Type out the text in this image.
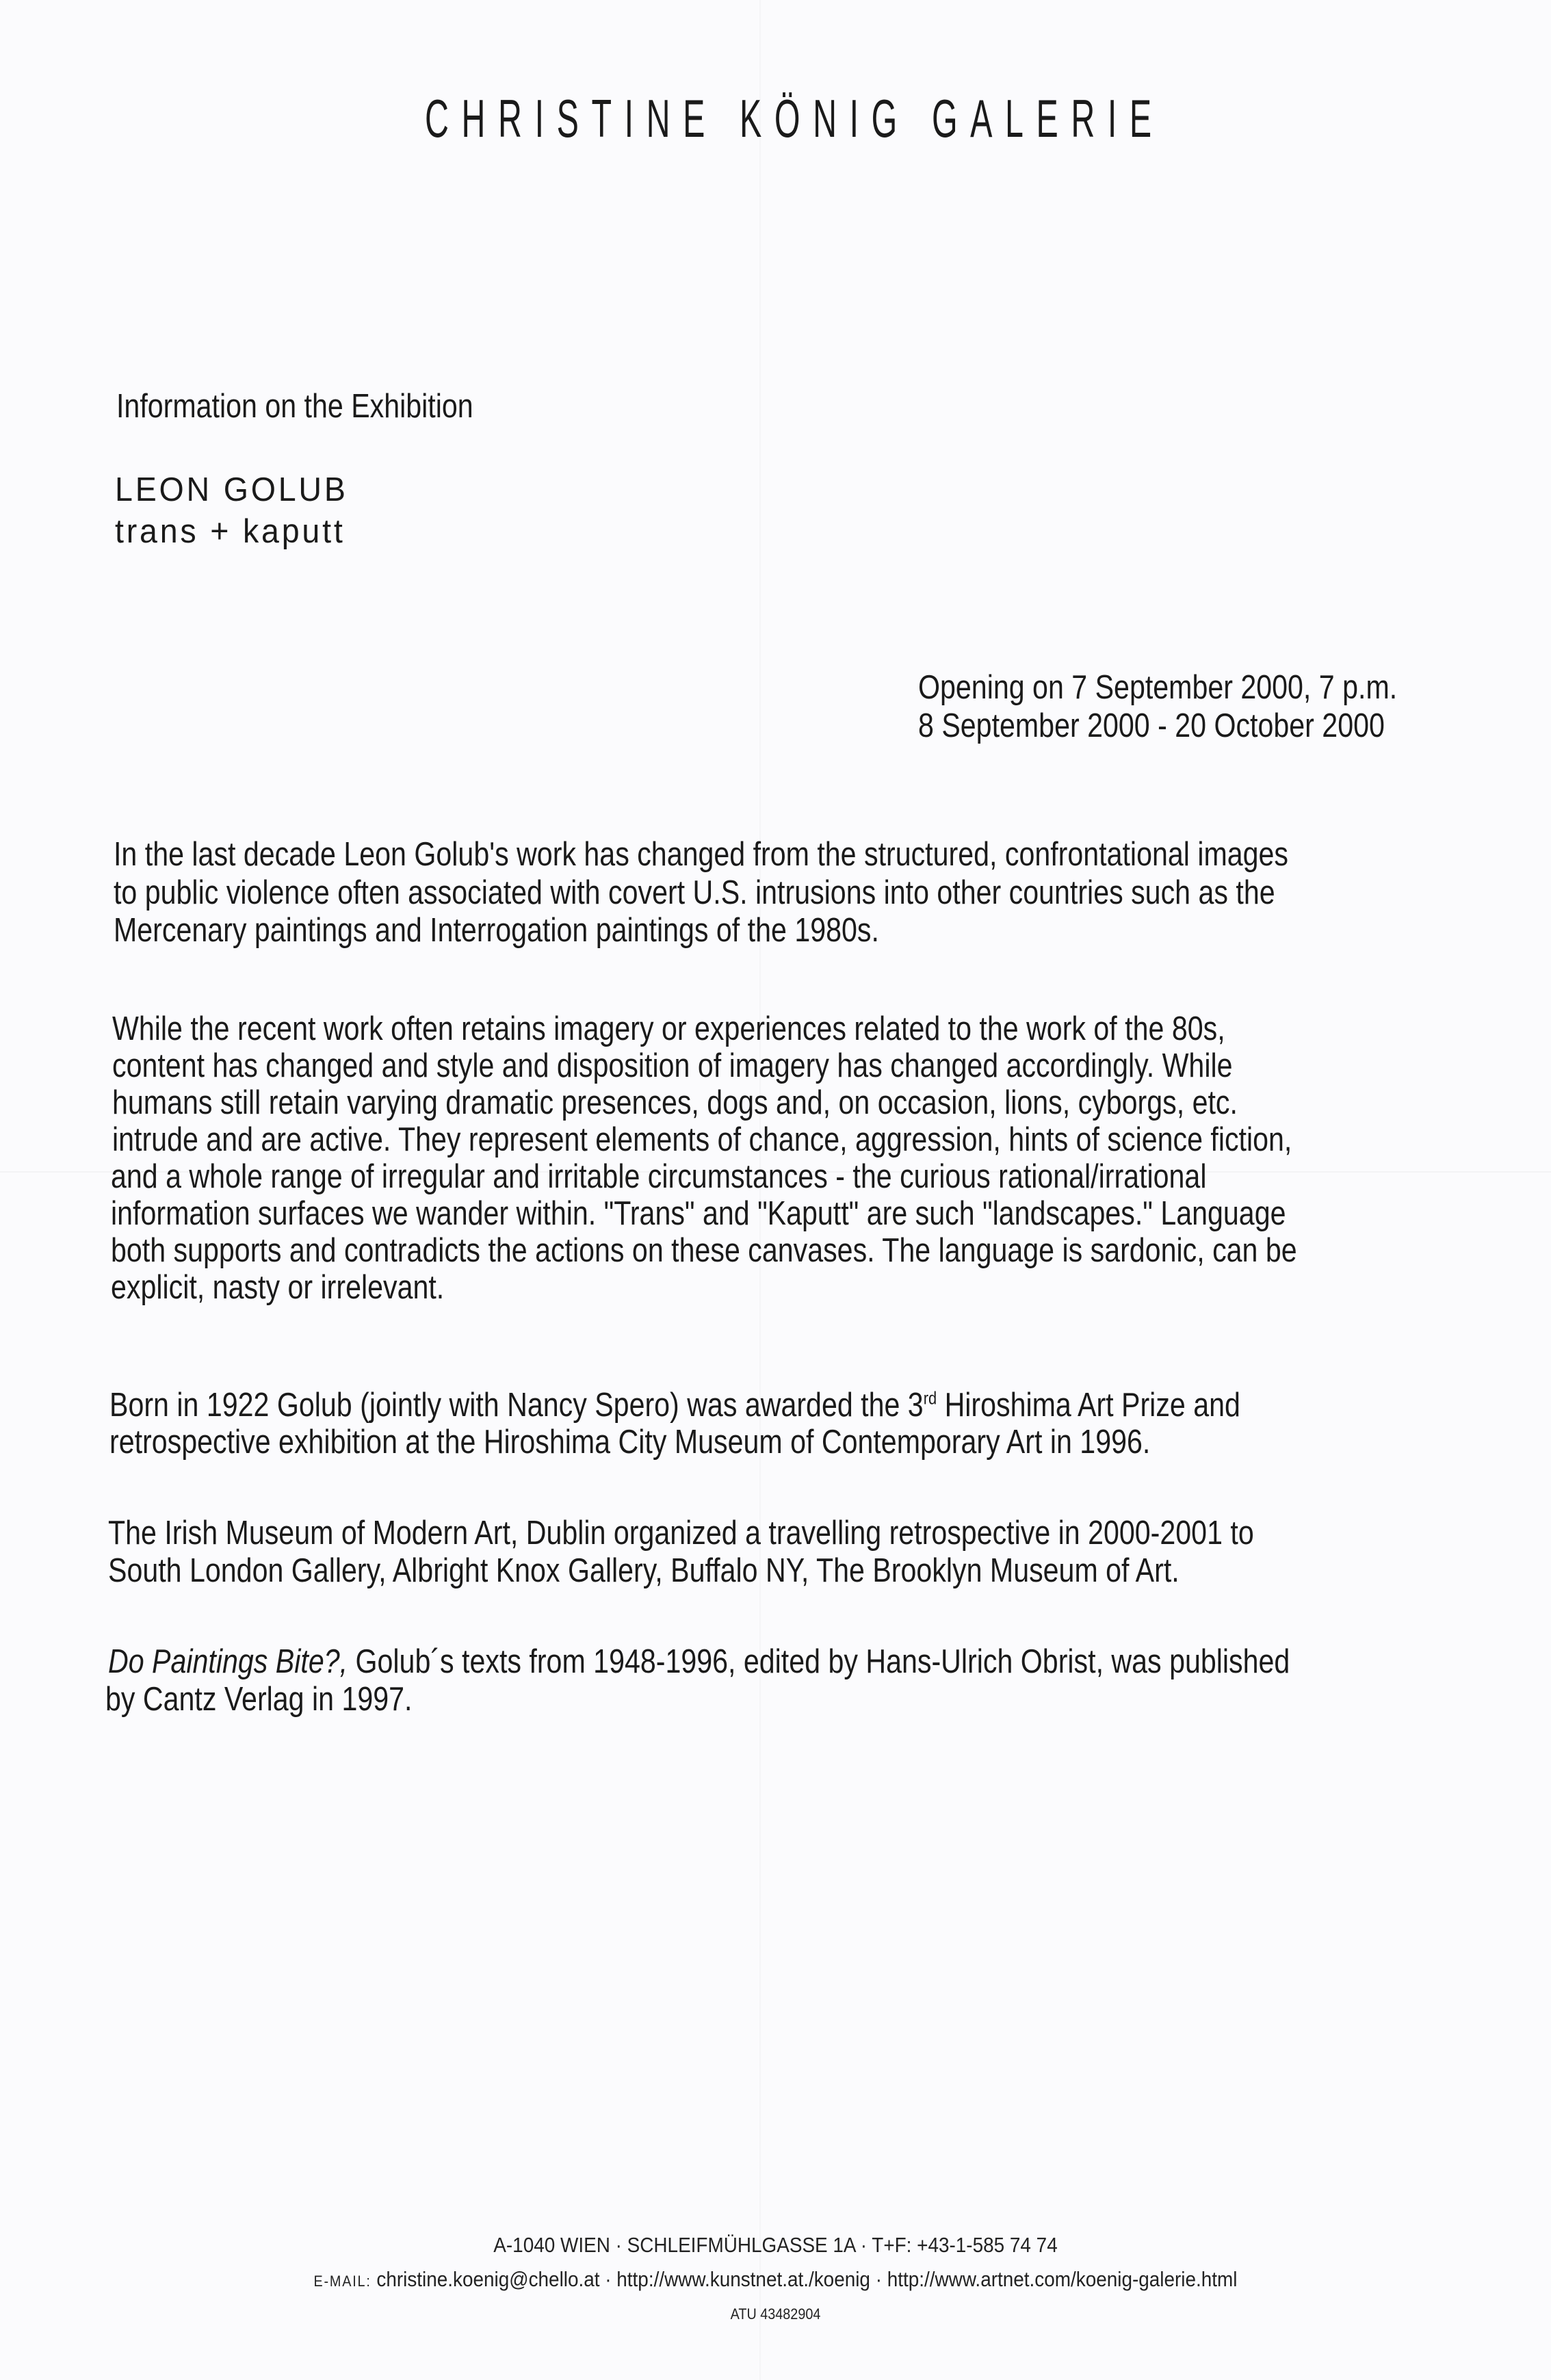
CHRISTINE KÖNIG GALERIE
Information on the Exhibition
LEON GOLUB
trans + kaputt
Opening on 7 September 2000, 7 p.m.
8 September 2000 - 20 October 2000
In the last decade Leon Golub's work has changed from the structured, confrontational images
to public violence often associated with covert U.S. intrusions into other countries such as the
Mercenary paintings and Interrogation paintings of the 1980s.
While the recent work often retains imagery or experiences related to the work of the 80s,
content has changed and style and disposition of imagery has changed accordingly. While
humans still retain varying dramatic presences, dogs and, on occasion, lions, cyborgs, etc.
intrude and are active. They represent elements of chance, aggression, hints of science fiction,
and a whole range of irregular and irritable circumstances - the curious rational/irrational
information surfaces we wander within. "Trans" and "Kaputt" are such "landscapes." Language
both supports and contradicts the actions on these canvases. The language is sardonic, can be
explicit, nasty or irrelevant.
Born in 1922 Golub (jointly with Nancy Spero) was awarded the 3rd Hiroshima Art Prize and
retrospective exhibition at the Hiroshima City Museum of Contemporary Art in 1996.
The Irish Museum of Modern Art, Dublin organized a travelling retrospective in 2000-2001 to
South London Gallery, Albright Knox Gallery, Buffalo NY, The Brooklyn Museum of Art.
Do Paintings Bite?, Golub´s texts from 1948-1996, edited by Hans-Ulrich Obrist, was published
by Cantz Verlag in 1997.
A-1040 WIEN · SCHLEIFMÜHLGASSE 1A · T+F: +43-1-585 74 74
E-MAIL: christine.koenig@chello.at · http://www.kunstnet.at./koenig · http://www.artnet.com/koenig-galerie.html
ATU 43482904
